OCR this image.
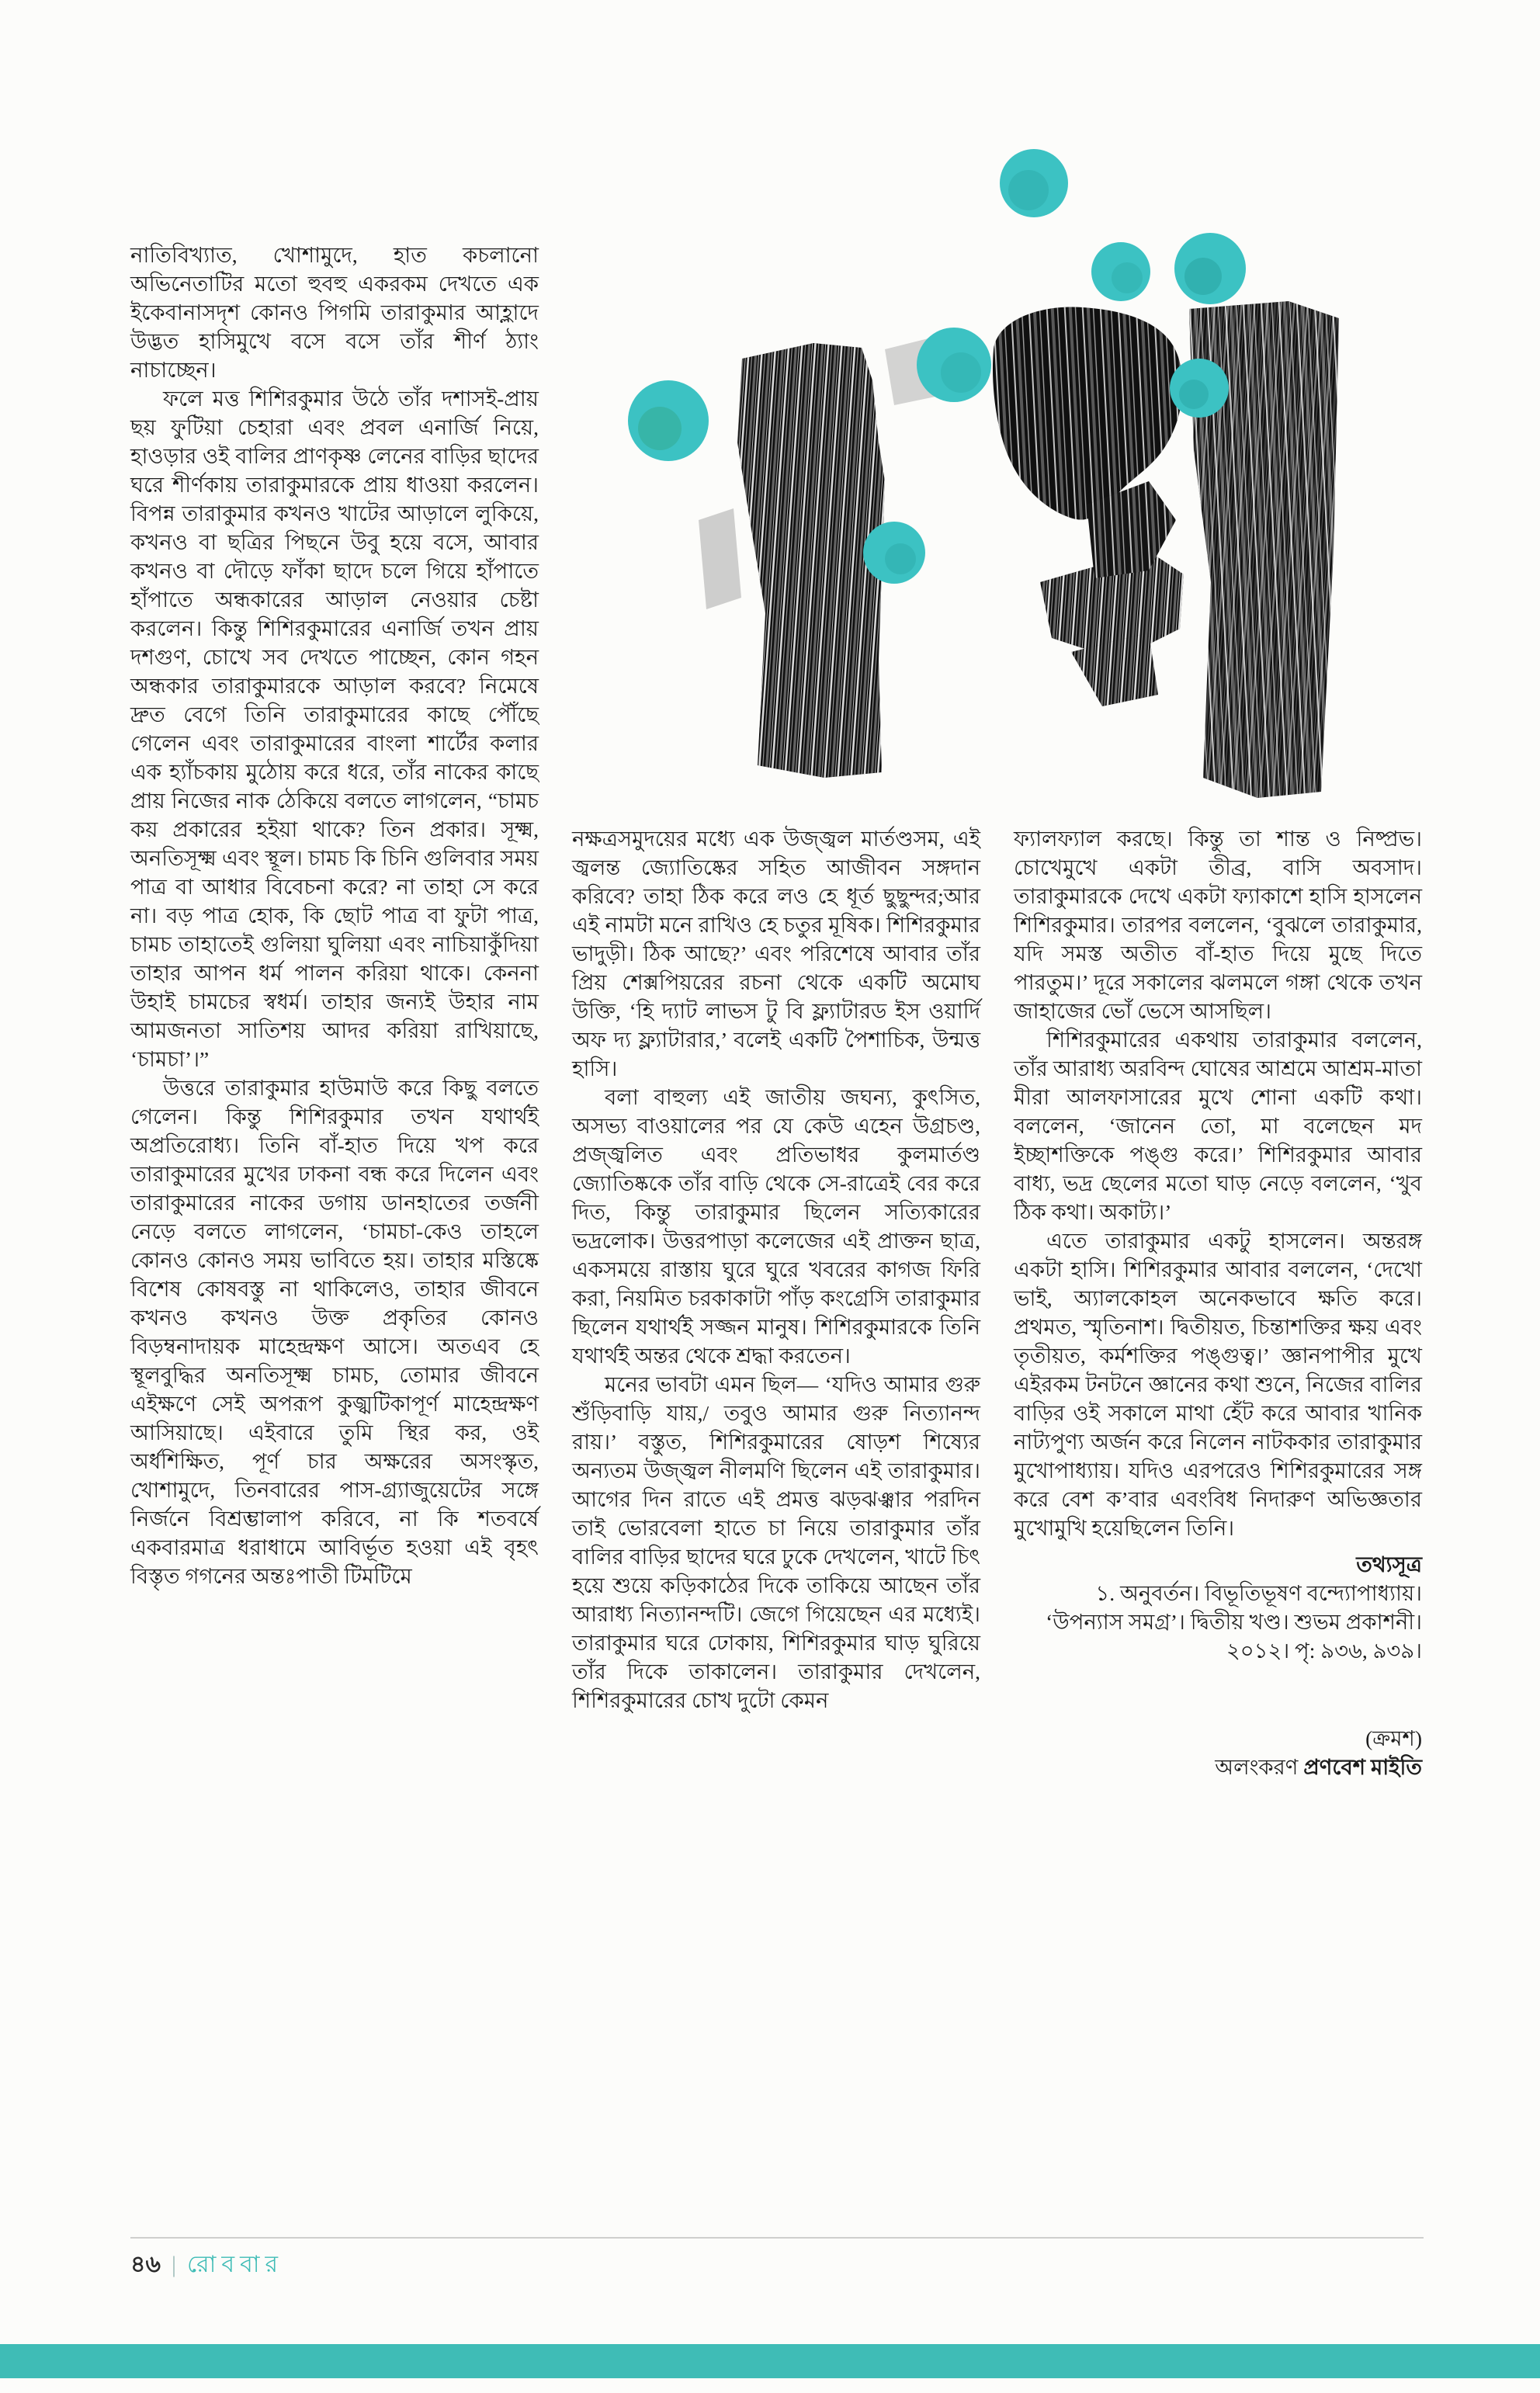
নাতিবিখ্যাত, খোশামুদে, হাত কচলানো অভিনেতাটির মতো হুবহু একরকম দেখতে এক ইকেবানাসদৃশ কোনও পিগমি তারাকুমার আহ্লাদে উদ্ভত হাসিমুখে বসে বসে তাঁর শীর্ণ ঠ্যাং নাচাচ্ছেন।

ফলে মত্ত শিশিরকুমার উঠে তাঁর দশাসই-প্রায় ছয় ফুটিয়া চেহারা এবং প্রবল এনার্জি নিয়ে, হাওড়ার ওই বালির প্রাণকৃষ্ণ লেনের বাড়ির ছাদের ঘরে শীর্ণকায় তারাকুমারকে প্রায় ধাওয়া করলেন। বিপন্ন তারাকুমার কখনও খাটের আড়ালে লুকিয়ে, কখনও বা ছত্রির পিছনে উবু হয়ে বসে, আবার কখনও বা দৌড়ে ফাঁকা ছাদে চলে গিয়ে হাঁপাতে হাঁপাতে অন্ধকারের আড়াল নেওয়ার চেষ্টা করলেন। কিন্তু শিশিরকুমারের এনার্জি তখন প্রায় দশগুণ, চোখে সব দেখতে পাচ্ছেন, কোন গহন অন্ধকার তারাকুমারকে আড়াল করবে? নিমেষে দ্রুত বেগে তিনি তারাকুমারের কাছে পৌঁছে গেলেন এবং তারাকুমারের বাংলা শার্টের কলার এক হ্যাঁচকায় মুঠোয় করে ধরে, তাঁর নাকের কাছে প্রায় নিজের নাক ঠেকিয়ে বলতে লাগলেন, “চামচ কয় প্রকারের হইয়া থাকে? তিন প্রকার। সূক্ষ্ম, অনতিসূক্ষ্ম এবং স্থূল। চামচ কি চিনি গুলিবার সময় পাত্র বা আধার বিবেচনা করে? না তাহা সে করে না। বড় পাত্র হোক, কি ছোট পাত্র বা ফুটা পাত্র, চামচ তাহাতেই গুলিয়া ঘুলিয়া এবং নাচিয়াকুঁদিয়া তাহার আপন ধর্ম পালন করিয়া থাকে। কেননা উহাই চামচের স্বধর্ম। তাহার জন্যই উহার নাম আমজনতা সাতিশয় আদর করিয়া রাখিয়াছে, ‘চামচা’।”

উত্তরে তারাকুমার হাউমাউ করে কিছু বলতে গেলেন। কিন্তু শিশিরকুমার তখন যথার্থই অপ্রতিরোধ্য। তিনি বাঁ-হাত দিয়ে খপ করে তারাকুমারের মুখের ঢাকনা বন্ধ করে দিলেন এবং তারাকুমারের নাকের ডগায় ডানহাতের তর্জনী নেড়ে বলতে লাগলেন, ‘চামচা-কেও তাহলে কোনও কোনও সময় ভাবিতে হয়। তাহার মস্তিষ্কে বিশেষ কোষবস্তু না থাকিলেও, তাহার জীবনে কখনও কখনও উক্ত প্রকৃতির কোনও বিড়ম্বনাদায়ক মাহেন্দ্রক্ষণ আসে। অতএব হে স্থূলবুদ্ধির অনতিসূক্ষ্ম চামচ, তোমার জীবনে এইক্ষণে সেই অপরূপ কুজ্ঝটিকাপূর্ণ মাহেন্দ্রক্ষণ আসিয়াছে। এইবারে তুমি স্থির কর, ওই অর্ধশিক্ষিত, পূর্ণ চার অক্ষরের অসংস্কৃত, খোশামুদে, তিনবারের পাস-গ্র্যাজুয়েটের সঙ্গে নির্জনে বিশ্রম্ভালাপ করিবে, না কি শতবর্ষে একবারমাত্র ধরাধামে আবির্ভূত হওয়া এই বৃহৎ বিস্তৃত গগনের অন্তঃপাতী টিমটিমে

নক্ষত্রসমুদয়ের মধ্যে এক উজ্জ্বল মার্তণ্ডসম, এই জ্বলন্ত জ্যোতিষ্কের সহিত আজীবন সঙ্গদান করিবে? তাহা ঠিক করে লও হে ধূর্ত ছুছুন্দর;আর এই নামটা মনে রাখিও হে চতুর মূষিক। শিশিরকুমার ভাদুড়ী। ঠিক আছে?’ এবং পরিশেষে আবার তাঁর প্রিয় শেক্সপিয়রের রচনা থেকে একটি অমোঘ উক্তি, ‘হি দ্যাট লাভস টু বি ফ্ল্যাটারড ইস ওয়ার্দি অফ দ্য ফ্ল্যাটারার,’ বলেই একটি পৈশাচিক, উন্মত্ত হাসি।

বলা বাহুল্য এই জাতীয় জঘন্য, কুৎসিত, অসভ্য বাওয়ালের পর যে কেউ এহেন উগ্রচণ্ড, প্রজ্জ্বলিত এবং প্রতিভাধর কুলমার্তণ্ড জ্যোতিষ্ককে তাঁর বাড়ি থেকে সে-রাত্রেই বের করে দিত, কিন্তু তারাকুমার ছিলেন সত্যিকারের ভদ্রলোক। উত্তরপাড়া কলেজের এই প্রাক্তন ছাত্র, একসময়ে রাস্তায় ঘুরে ঘুরে খবরের কাগজ ফিরি করা, নিয়মিত চরকাকাটা পাঁড় কংগ্রেসি তারাকুমার ছিলেন যথার্থই সজ্জন মানুষ। শিশিরকুমারকে তিনি যথার্থই অন্তর থেকে শ্রদ্ধা করতেন।

মনের ভাবটা এমন ছিল— ‘যদিও আমার গুরু শুঁড়িবাড়ি যায়,/ তবুও আমার গুরু নিত্যানন্দ রায়।’ বস্তুত, শিশিরকুমারের ষোড়শ শিষ্যের অন্যতম উজ্জ্বল নীলমণি ছিলেন এই তারাকুমার। আগের দিন রাতে এই প্রমত্ত ঝড়ঝঞ্ঝার পরদিন তাই ভোরবেলা হাতে চা নিয়ে তারাকুমার তাঁর বালির বাড়ির ছাদের ঘরে ঢুকে দেখলেন, খাটে চিৎ হয়ে শুয়ে কড়িকাঠের দিকে তাকিয়ে আছেন তাঁর আরাধ্য নিত্যানন্দটি। জেগে গিয়েছেন এর মধ্যেই। তারাকুমার ঘরে ঢোকায়, শিশিরকুমার ঘাড় ঘুরিয়ে তাঁর দিকে তাকালেন। তারাকুমার দেখলেন, শিশিরকুমারের চোখ দুটো কেমন

ফ্যালফ্যাল করছে। কিন্তু তা শান্ত ও নিষ্প্রভ। চোখেমুখে একটা তীব্র, বাসি অবসাদ। তারাকুমারকে দেখে একটা ফ্যাকাশে হাসি হাসলেন শিশিরকুমার। তারপর বললেন, ‘বুঝলে তারাকুমার, যদি সমস্ত অতীত বাঁ-হাত দিয়ে মুছে দিতে পারতুম।’ দূরে সকালের ঝলমলে গঙ্গা থেকে তখন জাহাজের ভোঁ ভেসে আসছিল।

শিশিরকুমারের একথায় তারাকুমার বললেন, তাঁর আরাধ্য অরবিন্দ ঘোষের আশ্রমে আশ্রম-মাতা মীরা আলফাসারের মুখে শোনা একটি কথা। বললেন, ‘জানেন তো, মা বলেছেন মদ ইচ্ছাশক্তিকে পঙ্গু করে।’ শিশিরকুমার আবার বাধ্য, ভদ্র ছেলের মতো ঘাড় নেড়ে বললেন, ‘খুব ঠিক কথা। অকাট্য।’

এতে তারাকুমার একটু হাসলেন। অন্তরঙ্গ একটা হাসি। শিশিরকুমার আবার বললেন, ‘দেখো ভাই, অ্যালকোহল অনেকভাবে ক্ষতি করে। প্রথমত, স্মৃতিনাশ। দ্বিতীয়ত, চিন্তাশক্তির ক্ষয় এবং তৃতীয়ত, কর্মশক্তির পঙ্গুত্ব।’ জ্ঞানপাপীর মুখে এইরকম টনটনে জ্ঞানের কথা শুনে, নিজের বালির বাড়ির ওই সকালে মাথা হেঁট করে আবার খানিক নাট্যপুণ্য অর্জন করে নিলেন নাটককার তারাকুমার মুখোপাধ্যায়। যদিও এরপরেও শিশিরকুমারের সঙ্গ করে বেশ ক’বার এবংবিধ নিদারুণ অভিজ্ঞতার মুখোমুখি হয়েছিলেন তিনি।

তথ্যসূত্র

১. অনুবর্তন। বিভূতিভূষণ বন্দ্যোপাধ্যায়।

‘উপন্যাস সমগ্র’। দ্বিতীয় খণ্ড। শুভম প্রকাশনী।

২০১২। পৃ: ৯৩৬, ৯৩৯।

(ক্রমশ)

অলংকরণ প্রণবেশ মাইতি

৪৬ | রোববার
